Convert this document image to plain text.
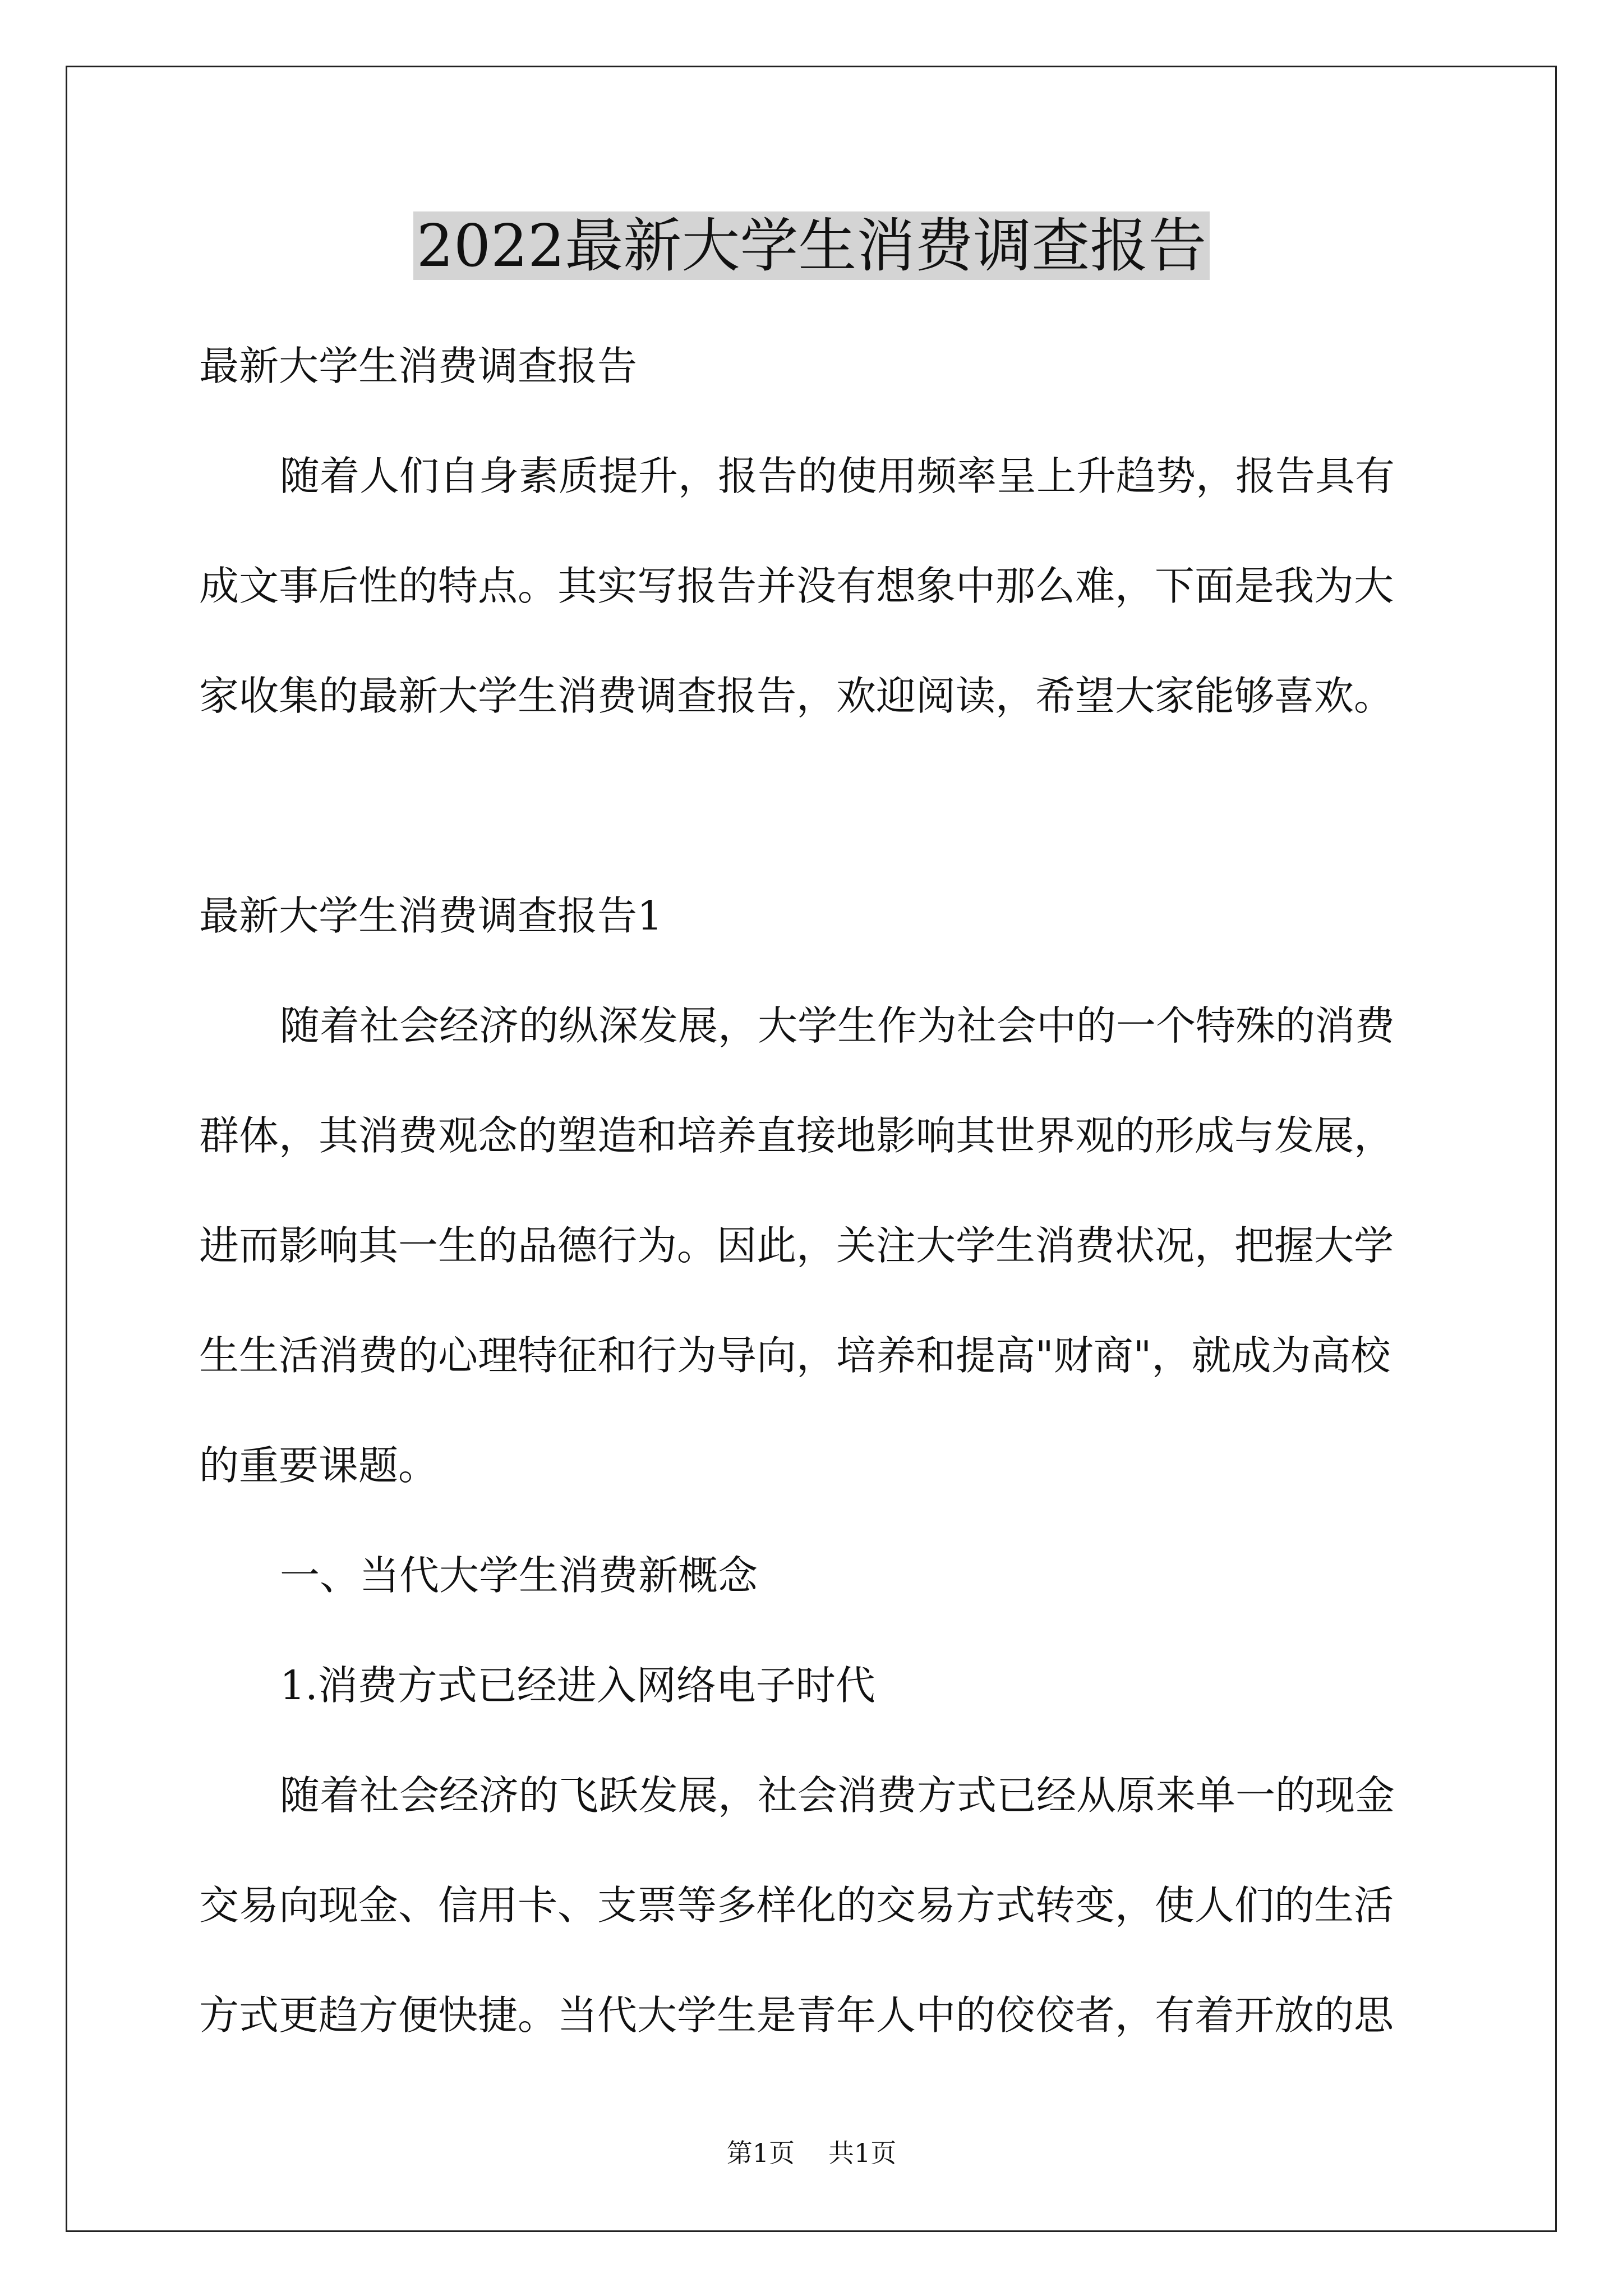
2022最新大学生消费调查报告

最新大学生消费调查报告

随着人们自身素质提升，报告的使用频率呈上升趋势，报告具有

成文事后性的特点。其实写报告并没有想象中那么难，下面是我为大

家收集的最新大学生消费调查报告，欢迎阅读，希望大家能够喜欢。

最新大学生消费调查报告1

随着社会经济的纵深发展，大学生作为社会中的一个特殊的消费

群体，其消费观念的塑造和培养直接地影响其世界观的形成与发展，

进而影响其一生的品德行为。因此，关注大学生消费状况，把握大学

生生活消费的心理特征和行为导向，培养和提高"财商"，就成为高校

的重要课题。

一、当代大学生消费新概念

1.消费方式已经进入网络电子时代

随着社会经济的飞跃发展，社会消费方式已经从原来单一的现金

交易向现金、信用卡、支票等多样化的交易方式转变，使人们的生活

方式更趋方便快捷。当代大学生是青年人中的佼佼者，有着开放的思

第1页 共1页
